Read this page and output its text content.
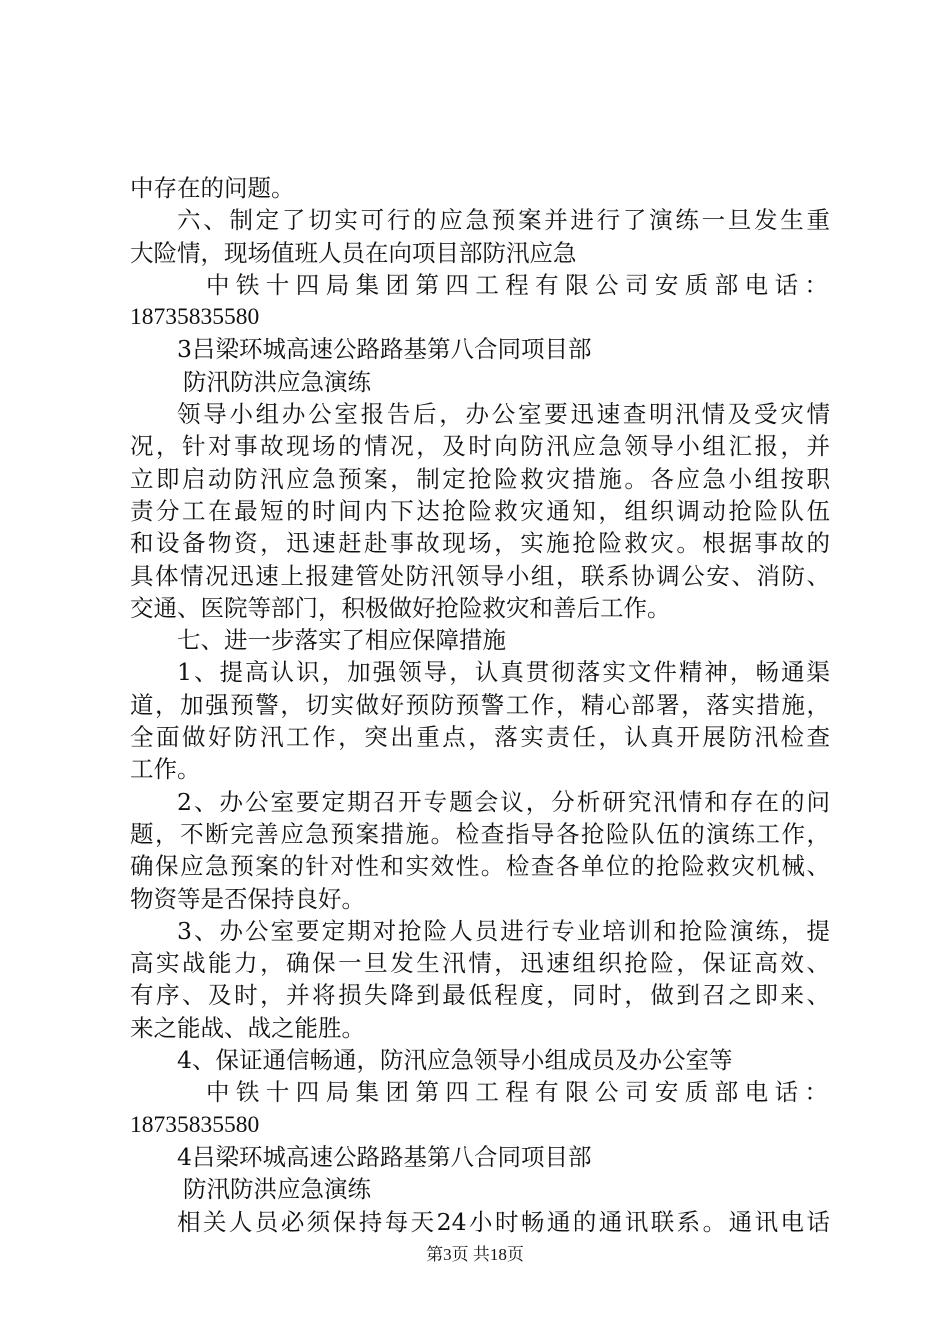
中存在的问题。
六、制定了切实可行的应急预案并进行了演练一旦发生重
大险情，现场值班人员在向项目部防汛应急
中铁十四局集团第四工程有限公司安质部电话：
18735835580
3吕梁环城高速公路路基第八合同项目部
防汛防洪应急演练
领导小组办公室报告后，办公室要迅速查明汛情及受灾情
况，针对事故现场的情况，及时向防汛应急领导小组汇报，并
立即启动防汛应急预案，制定抢险救灾措施。各应急小组按职
责分工在最短的时间内下达抢险救灾通知，组织调动抢险队伍
和设备物资，迅速赶赴事故现场，实施抢险救灾。根据事故的
具体情况迅速上报建管处防汛领导小组，联系协调公安、消防、
交通、医院等部门，积极做好抢险救灾和善后工作。
七、进一步落实了相应保障措施
1、提高认识，加强领导，认真贯彻落实文件精神，畅通渠
道，加强预警，切实做好预防预警工作，精心部署，落实措施，
全面做好防汛工作，突出重点，落实责任，认真开展防汛检查
工作。
2、办公室要定期召开专题会议，分析研究汛情和存在的问
题，不断完善应急预案措施。检查指导各抢险队伍的演练工作，
确保应急预案的针对性和实效性。检查各单位的抢险救灾机械、
物资等是否保持良好。
3、办公室要定期对抢险人员进行专业培训和抢险演练，提
高实战能力，确保一旦发生汛情，迅速组织抢险，保证高效、
有序、及时，并将损失降到最低程度，同时，做到召之即来、
来之能战、战之能胜。
4、保证通信畅通，防汛应急领导小组成员及办公室等
中铁十四局集团第四工程有限公司安质部电话：
18735835580
4吕梁环城高速公路路基第八合同项目部
防汛防洪应急演练
相关人员必须保持每天24小时畅通的通讯联系。通讯电话
第3页 共18页
